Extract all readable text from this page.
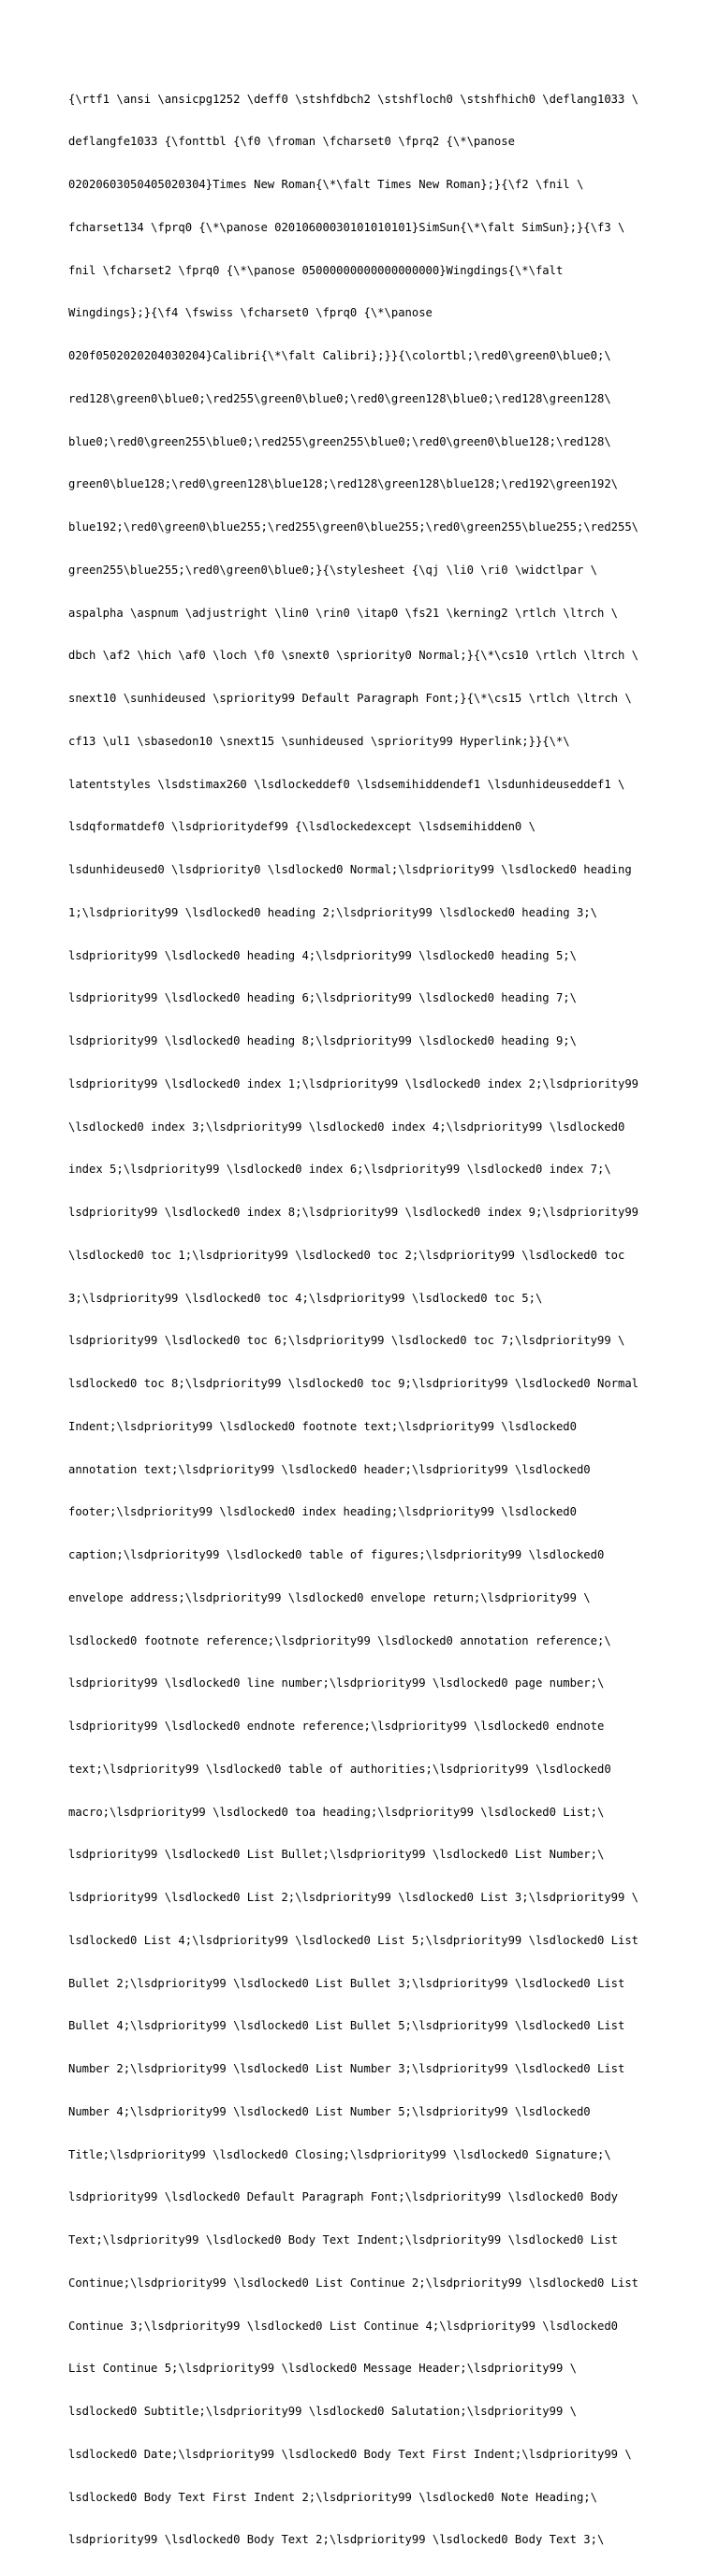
{\rtf1 \ansi \ansicpg1252 \deff0 \stshfdbch2 \stshfloch0 \stshfhich0 \deflang1033 \

deflangfe1033 {\fonttbl {\f0 \froman \fcharset0 \fprq2 {\*\panose

02020603050405020304}Times New Roman{\*\falt Times New Roman};}{\f2 \fnil \

fcharset134 \fprq0 {\*\panose 02010600030101010101}SimSun{\*\falt SimSun};}{\f3 \

fnil \fcharset2 \fprq0 {\*\panose 05000000000000000000}Wingdings{\*\falt

Wingdings};}{\f4 \fswiss \fcharset0 \fprq0 {\*\panose

020f0502020204030204}Calibri{\*\falt Calibri};}}{\colortbl;\red0\green0\blue0;\

red128\green0\blue0;\red255\green0\blue0;\red0\green128\blue0;\red128\green128\

blue0;\red0\green255\blue0;\red255\green255\blue0;\red0\green0\blue128;\red128\

green0\blue128;\red0\green128\blue128;\red128\green128\blue128;\red192\green192\

blue192;\red0\green0\blue255;\red255\green0\blue255;\red0\green255\blue255;\red255\

green255\blue255;\red0\green0\blue0;}{\stylesheet {\qj \li0 \ri0 \widctlpar \

aspalpha \aspnum \adjustright \lin0 \rin0 \itap0 \fs21 \kerning2 \rtlch \ltrch \

dbch \af2 \hich \af0 \loch \f0 \snext0 \spriority0 Normal;}{\*\cs10 \rtlch \ltrch \

snext10 \sunhideused \spriority99 Default Paragraph Font;}{\*\cs15 \rtlch \ltrch \

cf13 \ul1 \sbasedon10 \snext15 \sunhideused \spriority99 Hyperlink;}}{\*\

latentstyles \lsdstimax260 \lsdlockeddef0 \lsdsemihiddendef1 \lsdunhideuseddef1 \

lsdqformatdef0 \lsdprioritydef99 {\lsdlockedexcept \lsdsemihidden0 \

lsdunhideused0 \lsdpriority0 \lsdlocked0 Normal;\lsdpriority99 \lsdlocked0 heading

1;\lsdpriority99 \lsdlocked0 heading 2;\lsdpriority99 \lsdlocked0 heading 3;\

lsdpriority99 \lsdlocked0 heading 4;\lsdpriority99 \lsdlocked0 heading 5;\

lsdpriority99 \lsdlocked0 heading 6;\lsdpriority99 \lsdlocked0 heading 7;\

lsdpriority99 \lsdlocked0 heading 8;\lsdpriority99 \lsdlocked0 heading 9;\

lsdpriority99 \lsdlocked0 index 1;\lsdpriority99 \lsdlocked0 index 2;\lsdpriority99

\lsdlocked0 index 3;\lsdpriority99 \lsdlocked0 index 4;\lsdpriority99 \lsdlocked0

index 5;\lsdpriority99 \lsdlocked0 index 6;\lsdpriority99 \lsdlocked0 index 7;\

lsdpriority99 \lsdlocked0 index 8;\lsdpriority99 \lsdlocked0 index 9;\lsdpriority99

\lsdlocked0 toc 1;\lsdpriority99 \lsdlocked0 toc 2;\lsdpriority99 \lsdlocked0 toc

3;\lsdpriority99 \lsdlocked0 toc 4;\lsdpriority99 \lsdlocked0 toc 5;\

lsdpriority99 \lsdlocked0 toc 6;\lsdpriority99 \lsdlocked0 toc 7;\lsdpriority99 \

lsdlocked0 toc 8;\lsdpriority99 \lsdlocked0 toc 9;\lsdpriority99 \lsdlocked0 Normal

Indent;\lsdpriority99 \lsdlocked0 footnote text;\lsdpriority99 \lsdlocked0

annotation text;\lsdpriority99 \lsdlocked0 header;\lsdpriority99 \lsdlocked0

footer;\lsdpriority99 \lsdlocked0 index heading;\lsdpriority99 \lsdlocked0

caption;\lsdpriority99 \lsdlocked0 table of figures;\lsdpriority99 \lsdlocked0

envelope address;\lsdpriority99 \lsdlocked0 envelope return;\lsdpriority99 \

lsdlocked0 footnote reference;\lsdpriority99 \lsdlocked0 annotation reference;\

lsdpriority99 \lsdlocked0 line number;\lsdpriority99 \lsdlocked0 page number;\

lsdpriority99 \lsdlocked0 endnote reference;\lsdpriority99 \lsdlocked0 endnote

text;\lsdpriority99 \lsdlocked0 table of authorities;\lsdpriority99 \lsdlocked0

macro;\lsdpriority99 \lsdlocked0 toa heading;\lsdpriority99 \lsdlocked0 List;\

lsdpriority99 \lsdlocked0 List Bullet;\lsdpriority99 \lsdlocked0 List Number;\

lsdpriority99 \lsdlocked0 List 2;\lsdpriority99 \lsdlocked0 List 3;\lsdpriority99 \

lsdlocked0 List 4;\lsdpriority99 \lsdlocked0 List 5;\lsdpriority99 \lsdlocked0 List

Bullet 2;\lsdpriority99 \lsdlocked0 List Bullet 3;\lsdpriority99 \lsdlocked0 List

Bullet 4;\lsdpriority99 \lsdlocked0 List Bullet 5;\lsdpriority99 \lsdlocked0 List

Number 2;\lsdpriority99 \lsdlocked0 List Number 3;\lsdpriority99 \lsdlocked0 List

Number 4;\lsdpriority99 \lsdlocked0 List Number 5;\lsdpriority99 \lsdlocked0

Title;\lsdpriority99 \lsdlocked0 Closing;\lsdpriority99 \lsdlocked0 Signature;\

lsdpriority99 \lsdlocked0 Default Paragraph Font;\lsdpriority99 \lsdlocked0 Body

Text;\lsdpriority99 \lsdlocked0 Body Text Indent;\lsdpriority99 \lsdlocked0 List

Continue;\lsdpriority99 \lsdlocked0 List Continue 2;\lsdpriority99 \lsdlocked0 List

Continue 3;\lsdpriority99 \lsdlocked0 List Continue 4;\lsdpriority99 \lsdlocked0

List Continue 5;\lsdpriority99 \lsdlocked0 Message Header;\lsdpriority99 \

lsdlocked0 Subtitle;\lsdpriority99 \lsdlocked0 Salutation;\lsdpriority99 \

lsdlocked0 Date;\lsdpriority99 \lsdlocked0 Body Text First Indent;\lsdpriority99 \

lsdlocked0 Body Text First Indent 2;\lsdpriority99 \lsdlocked0 Note Heading;\

lsdpriority99 \lsdlocked0 Body Text 2;\lsdpriority99 \lsdlocked0 Body Text 3;\
